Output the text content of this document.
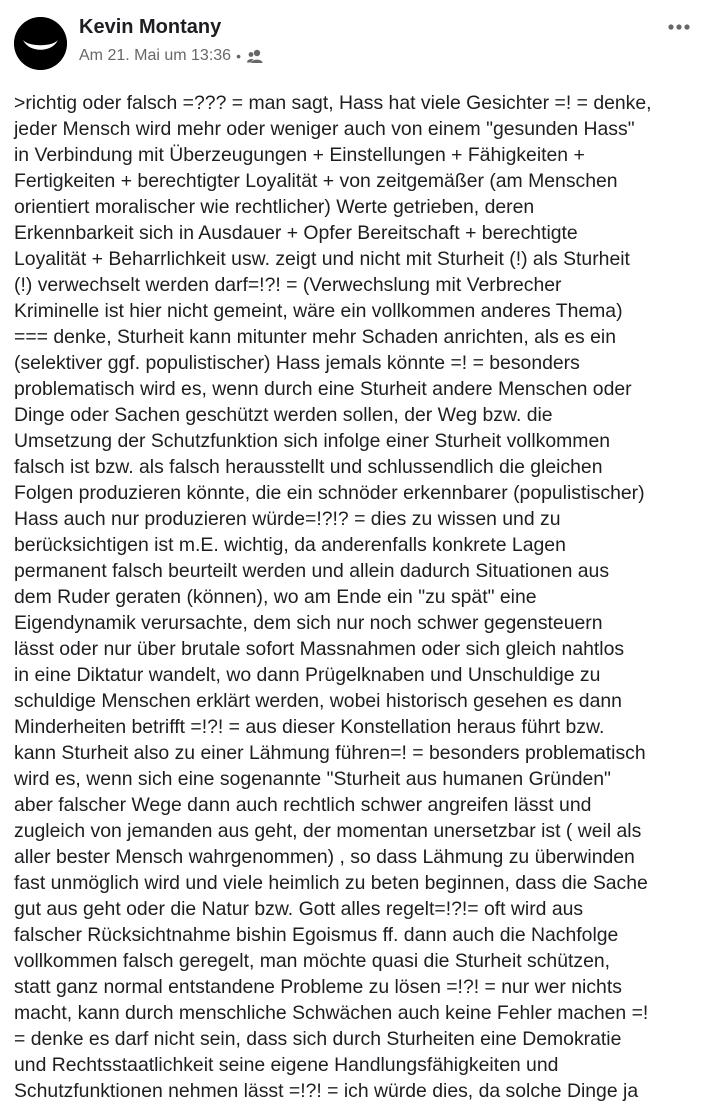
Kevin Montany
Am 21. Mai um 13:36 •

>richtig oder falsch =??? = man sagt, Hass hat viele Gesichter =! = denke,
jeder Mensch wird mehr oder weniger auch von einem "gesunden Hass"
in Verbindung mit Überzeugungen + Einstellungen + Fähigkeiten +
Fertigkeiten + berechtigter Loyalität + von zeitgemäßer (am Menschen
orientiert moralischer wie rechtlicher) Werte getrieben, deren
Erkennbarkeit sich in Ausdauer + Opfer Bereitschaft + berechtigte
Loyalität + Beharrlichkeit usw. zeigt und nicht mit Sturheit (!) als Sturheit
(!) verwechselt werden darf=!?! = (Verwechslung mit Verbrecher
Kriminelle ist hier nicht gemeint, wäre ein vollkommen anderes Thema)
=== denke, Sturheit kann mitunter mehr Schaden anrichten, als es ein
(selektiver ggf. populistischer) Hass jemals könnte =! = besonders
problematisch wird es, wenn durch eine Sturheit andere Menschen oder
Dinge oder Sachen geschützt werden sollen, der Weg bzw. die
Umsetzung der Schutzfunktion sich infolge einer Sturheit vollkommen
falsch ist bzw. als falsch herausstellt und schlussendlich die gleichen
Folgen produzieren könnte, die ein schnöder erkennbarer (populistischer)
Hass auch nur produzieren würde=!?!? = dies zu wissen und zu
berücksichtigen ist m.E. wichtig, da anderenfalls konkrete Lagen
permanent falsch beurteilt werden und allein dadurch Situationen aus
dem Ruder geraten (können), wo am Ende ein "zu spät" eine
Eigendynamik verursachte, dem sich nur noch schwer gegensteuern
lässt oder nur über brutale sofort Massnahmen oder sich gleich nahtlos
in eine Diktatur wandelt, wo dann Prügelknaben und Unschuldige zu
schuldige Menschen erklärt werden, wobei historisch gesehen es dann
Minderheiten betrifft =!?! = aus dieser Konstellation heraus führt bzw.
kann Sturheit also zu einer Lähmung führen=! = besonders problematisch
wird es, wenn sich eine sogenannte "Sturheit aus humanen Gründen"
aber falscher Wege dann auch rechtlich schwer angreifen lässt und
zugleich von jemanden aus geht, der momentan unersetzbar ist ( weil als
aller bester Mensch wahrgenommen) , so dass Lähmung zu überwinden
fast unmöglich wird und viele heimlich zu beten beginnen, dass die Sache
gut aus geht oder die Natur bzw. Gott alles regelt=!?!= oft wird aus
falscher Rücksichtnahme bishin Egoismus ff. dann auch die Nachfolge
vollkommen falsch geregelt, man möchte quasi die Sturheit schützen,
statt ganz normal entstandene Probleme zu lösen =!?! = nur wer nichts
macht, kann durch menschliche Schwächen auch keine Fehler machen =!
= denke es darf nicht sein, dass sich durch Sturheiten eine Demokratie
und Rechtsstaatlichkeit seine eigene Handlungsfähigkeiten und
Schutzfunktionen nehmen lässt =!?! = ich würde dies, da solche Dinge ja
